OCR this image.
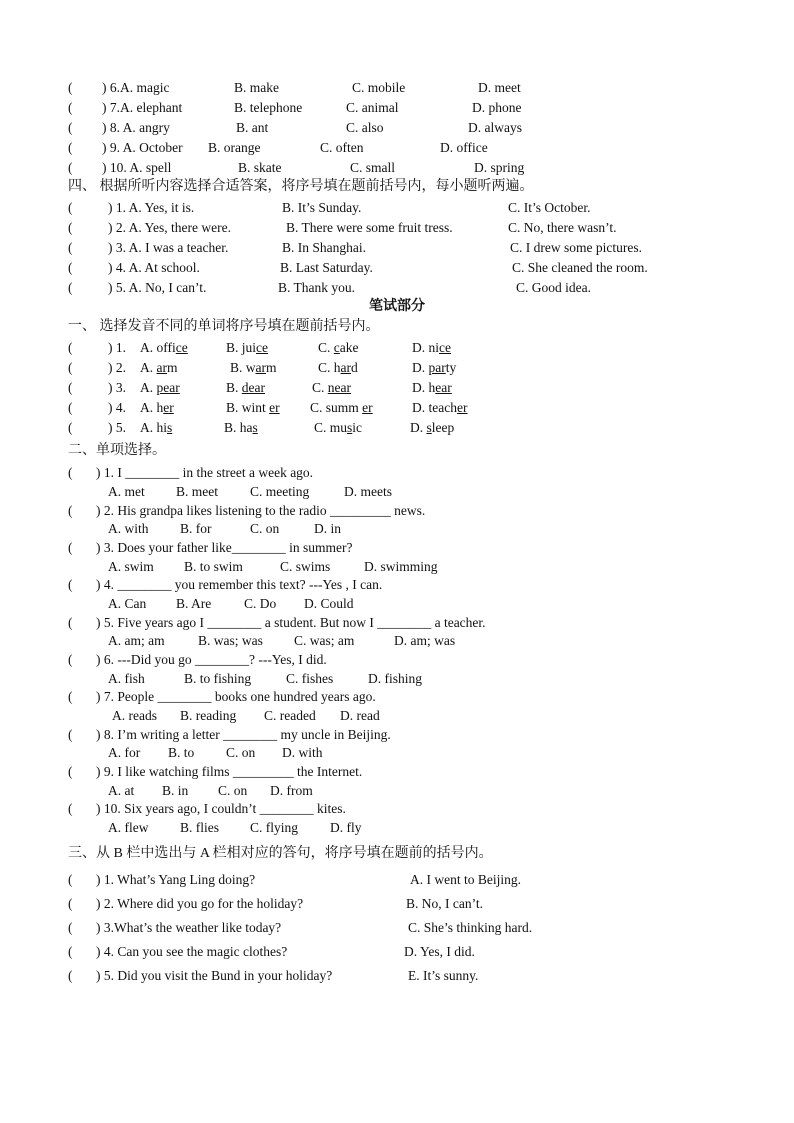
( ) 6.A. magic	B. make	C. mobile	D. meet
( ) 7.A. elephant	B. telephone	C. animal	D. phone
( ) 8. A. angry	B. ant	C. also	D. always
( ) 9. A. October B. orange	C. often	D. office
( ) 10. A. spell	B. skate	C. small	D. spring
四、 根据所听内容选择合适答案，将序号填在题前括号内，每小题听两遍。
(	) 1. A. Yes, it is.	B. It’s Sunday.	C. It’s October.
(	) 2. A. Yes, there were.	B. There were some fruit tress.	C. No, there wasn’t.
(	) 3. A. I was a teacher.	B. In Shanghai.	C. I drew some pictures.
(	) 4. A. At school.	B. Last Saturday.	C. She cleaned the room.
(	) 5. A. No, I can’t.	B. Thank you.	C. Good idea.
笔试部分
一、 选择发音不同的单词将序号填在题前括号内。
(	) 1. A. office	B. juice	C. cake	D. nice
(	) 2. A. arm	B. warm	C. hard	D. party
(	) 3. A. pear	B. dear	C. near	D. hear
(	) 4. A. her	B. wint er C. summ er	D. teacher
(	) 5. A. his	B. has	C. music	D. sleep
二、单项选择。
( ) 1. I ________ in the street a week ago.
A. met B. meet C. meeting	D. meets
( ) 2. His grandpa likes listening to the radio _________ news.
A. with B. for	C. on	D. in
( ) 3. Does your father like________ in summer?
A. swim B. to swim	C. swims D. swimming
( ) 4. ________ you remember this text? ---Yes , I can.
A. Can B. Are C. Do D. Could
( ) 5. Five years ago I ________ a student. But now I ________ a teacher.
A. am; am B. was; was C. was; am	D. am; was
( ) 6. ---Did you go ________? ---Yes, I did.
A. fish	B. to fishing	C. fishes	D. fishing
( ) 7. People ________ books one hundred years ago.
A. reads B. reading C. readed D. read
( ) 8. I’m writing a letter ________ my uncle in Beijing.
A. for B. to C. on D. with
( ) 9. I like watching films _________ the Internet.
A. at B. in C. on D. from
( ) 10. Six years ago, I couldn’t ________ kites.
A. flew B. flies C. flying D. fly
三、从 B 栏中选出与 A 栏相对应的答句，将序号填在题前的括号内。
( ) 1. What’s Yang Ling doing?	A. I went to Beijing.
( ) 2. Where did you go for the holiday?	B. No, I can’t.
( ) 3.What’s the weather like today?	C. She’s thinking hard.
( ) 4. Can you see the magic clothes?	D. Yes, I did.
( ) 5. Did you visit the Bund in your holiday?	E. It’s sunny.
